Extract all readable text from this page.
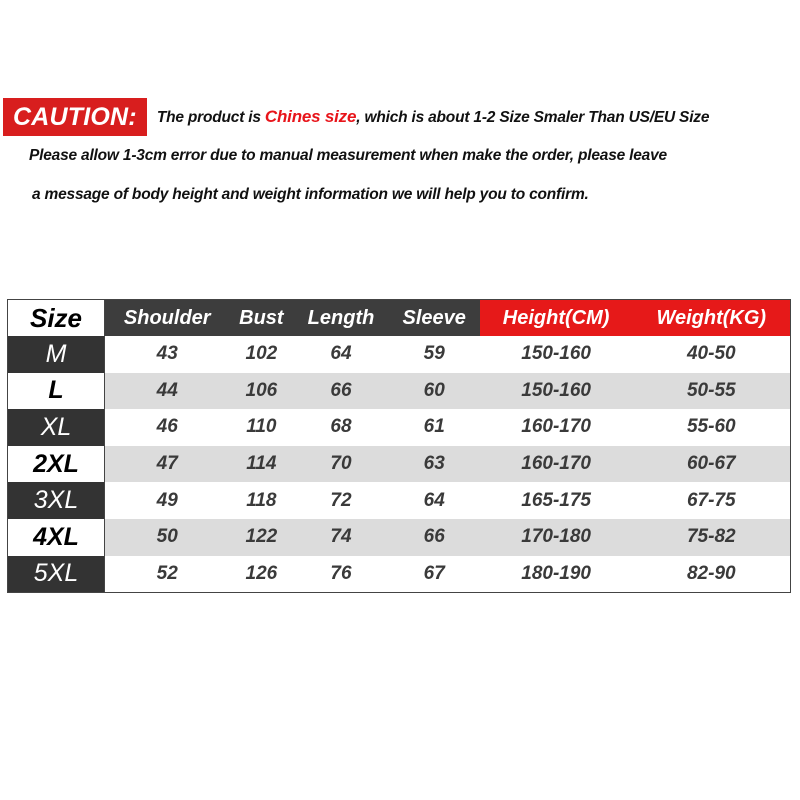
CAUTION:	The product is Chines size, which is about 1-2 Size Smaler Than US/EU Size
Please allow 1-3cm error due to manual measurement when make the order, please leave
a message of body height and weight information we will help you to confirm.
Size	Shoulder	Bust	Length	Sleeve	Height(CM)	Weight(KG)
M	43	102	64	59	150-160	40-50
L	44	106	66	60	150-160	50-55
XL	46	110	68	61	160-170	55-60
2XL	47	114	70	63	160-170	60-67
3XL	49	118	72	64	165-175	67-75
4XL	50	122	74	66	170-180	75-82
5XL	52	126	76	67	180-190	82-90
